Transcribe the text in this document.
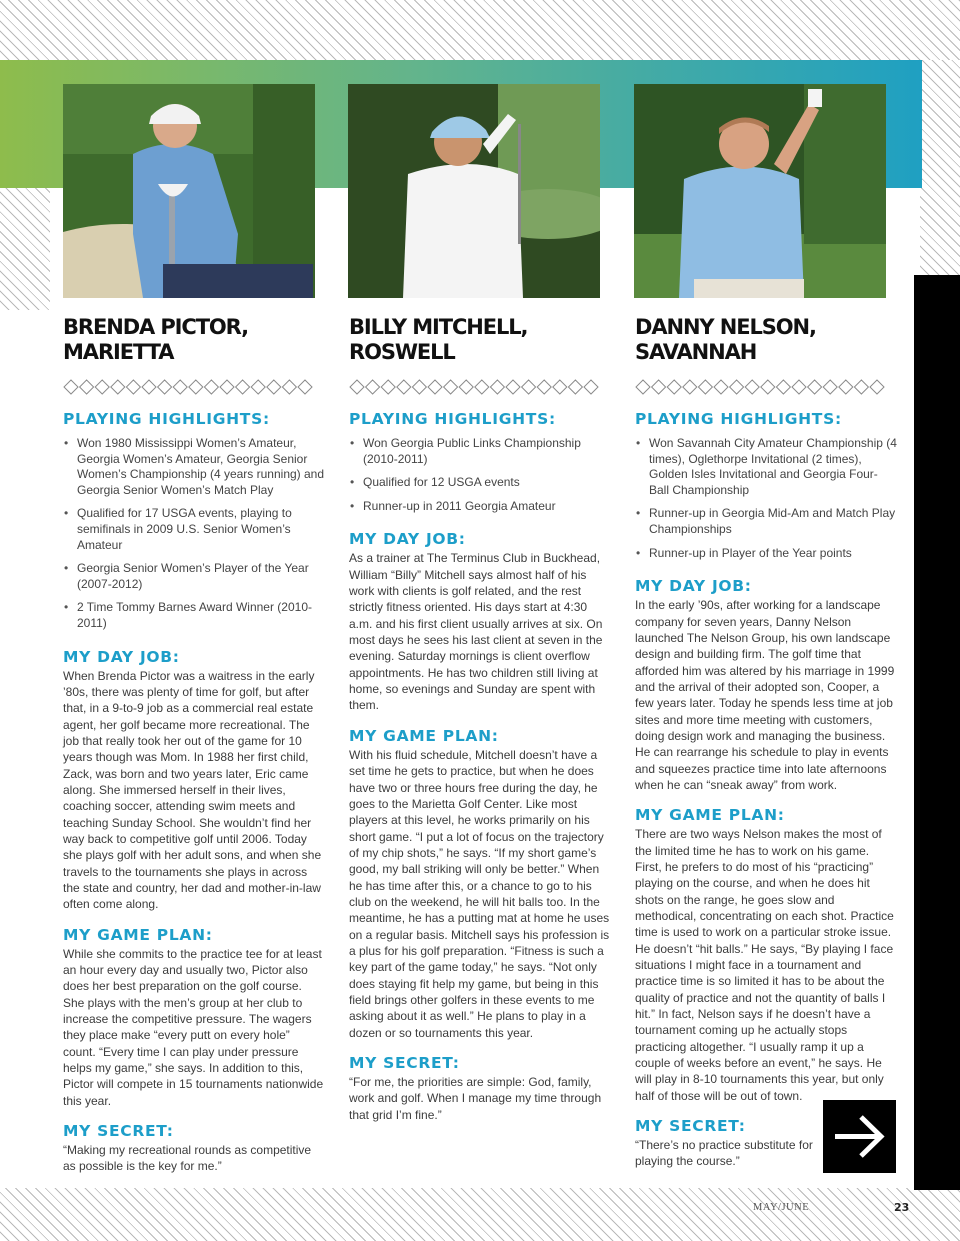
BRENDA PICTOR,
MARIETTA
PLAYING HIGHLIGHTS:
• Won 1980 Mississippi Women’s Amateur, Georgia Women’s Amateur, Georgia Senior Women’s Championship (4 years running) and Georgia Senior Women’s Match Play
• Qualified for 17 USGA events, playing to semifinals in 2009 U.S. Senior Women’s Amateur
• Georgia Senior Women’s Player of the Year (2007-2012)
• 2 Time Tommy Barnes Award Winner (2010-2011)
MY DAY JOB:

When Brenda Pictor was a waitress in the early ’80s, there was plenty of time for golf, but after that, in a 9-to-9 job as a commercial real estate agent, her golf became more recreational. The job that really took her out of the game for 10 years though was Mom. In 1988 her first child, Zack, was born and two years later, Eric came along. She immersed herself in their lives, coaching soccer, attending swim meets and teaching Sunday School. She wouldn’t find her way back to competitive golf until 2006. Today she plays golf with her adult sons, and when she travels to the tournaments she plays in across the state and country, her dad and mother-in-law often come along.

MY GAME PLAN:

While she commits to the practice tee for at least an hour every day and usually two, Pictor also does her best preparation on the golf course. She plays with the men’s group at her club to increase the competitive pressure. The wagers they place make “every putt on every hole” count. “Every time I can play under pressure helps my game,” she says. In addition to this, Pictor will compete in 15 tournaments nationwide this year.

MY SECRET:

“Making my recreational rounds as competitive as possible is the key for me.”

BILLY MITCHELL,
ROSWELL
PLAYING HIGHLIGHTS:
• Won Georgia Public Links Championship (2010-2011)
• Qualified for 12 USGA events
• Runner-up in 2011 Georgia Amateur
MY DAY JOB:

As a trainer at The Terminus Club in Buckhead, William “Billy” Mitchell says almost half of his work with clients is golf related, and the rest strictly fitness oriented. His days start at 4:30 a.m. and his first client usually arrives at six. On most days he sees his last client at seven in the evening. Saturday mornings is client overflow appointments. He has two children still living at home, so evenings and Sunday are spent with them.

MY GAME PLAN:

With his fluid schedule, Mitchell doesn’t have a set time he gets to practice, but when he does have two or three hours free during the day, he goes to the Marietta Golf Center. Like most players at this level, he works primarily on his short game. “I put a lot of focus on the trajectory of my chip shots,” he says. “If my short game’s good, my ball striking will only be better.” When he has time after this, or a chance to go to his club on the weekend, he will hit balls too. In the meantime, he has a putting mat at home he uses on a regular basis. Mitchell says his profession is a plus for his golf preparation. “Fitness is such a key part of the game today,” he says. “Not only does staying fit help my game, but being in this field brings other golfers in these events to me asking about it as well.” He plans to play in a dozen or so tournaments this year.

MY SECRET:

“For me, the priorities are simple: God, family, work and golf. When I manage my time through that grid I’m fine.”

DANNY NELSON,
SAVANNAH
PLAYING HIGHLIGHTS:
• Won Savannah City Amateur Championship (4 times), Oglethorpe Invitational (2 times), Golden Isles Invitational and Georgia Four-Ball Championship
• Runner-up in Georgia Mid-Am and Match Play Championships
• Runner-up in Player of the Year points
MY DAY JOB:

In the early ’90s, after working for a landscape company for seven years, Danny Nelson launched The Nelson Group, his own landscape design and building firm. The golf time that afforded him was altered by his marriage in 1999 and the arrival of their adopted son, Cooper, a few years later. Today he spends less time at job sites and more time meeting with customers, doing design work and managing the business. He can rearrange his schedule to play in events and squeezes practice time into late afternoons when he can “sneak away” from work.

MY GAME PLAN:

There are two ways Nelson makes the most of the limited time he has to work on his game. First, he prefers to do most of his “practicing” playing on the course, and when he does hit shots on the range, he goes slow and methodical, concentrating on each shot. Practice time is used to work on a particular stroke issue. He doesn’t “hit balls.” He says, “By playing I face situations I might face in a tournament and practice time is so limited it has to be about the quality of practice and not the quantity of balls I hit.” In fact, Nelson says if he doesn’t have a tournament coming up he actually stops practicing altogether. “I usually ramp it up a couple of weeks before an event,” he says. He will play in 8-10 tournaments this year, but only half of those will be out of town.

MY SECRET:

“There’s no practice substitute for playing the course.”

MAY/JUNE	23
